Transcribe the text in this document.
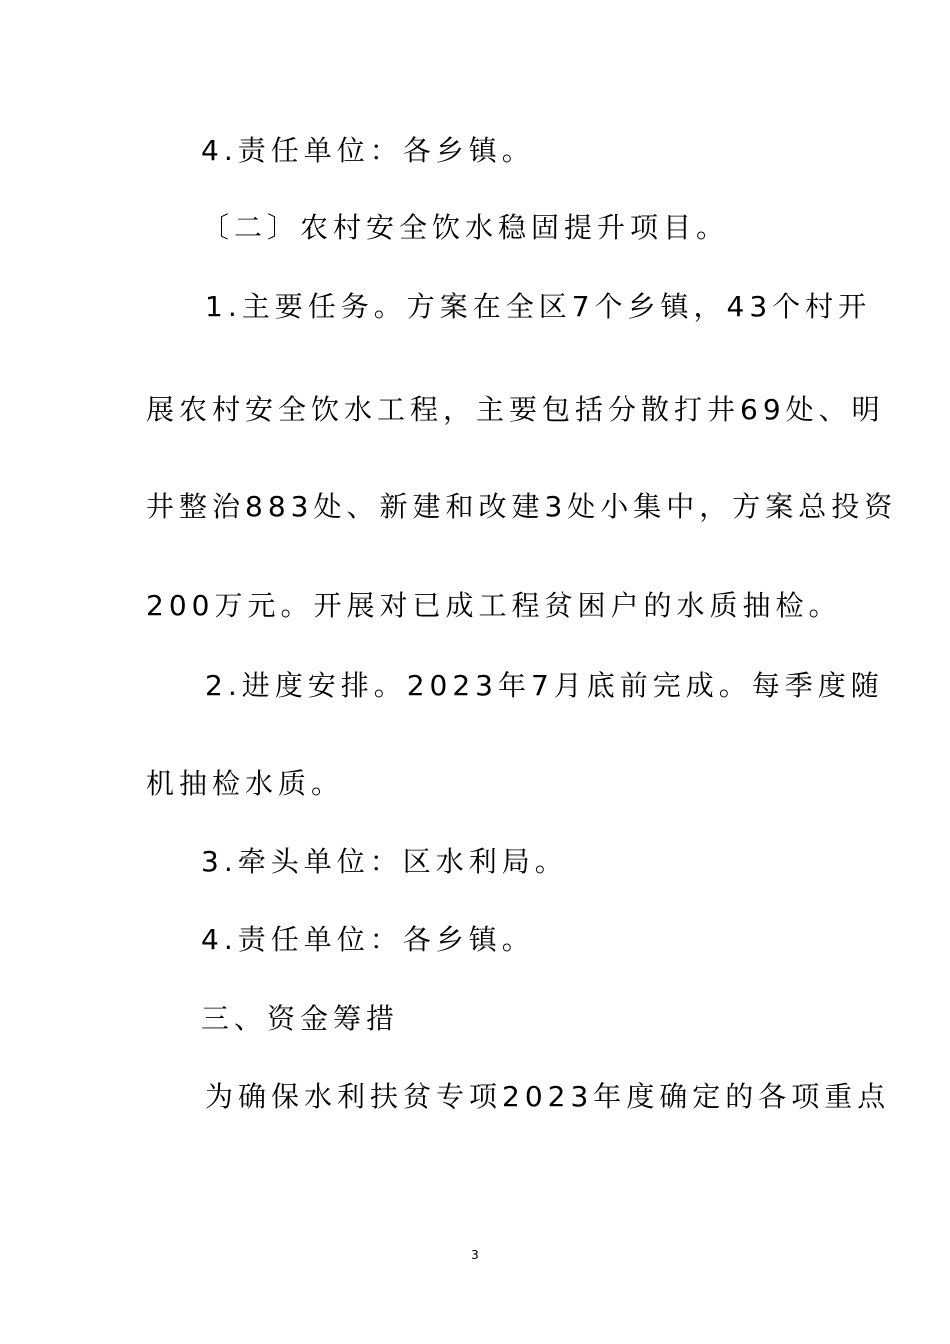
4.责任单位：各乡镇。

〔二〕农村安全饮水稳固提升项目。

1.主要任务。方案在全区7个乡镇，43个村开

展农村安全饮水工程，主要包括分散打井69处、明

井整治883处、新建和改建3处小集中，方案总投资

200万元。开展对已成工程贫困户的水质抽检。

2.进度安排。2023年7月底前完成。每季度随

机抽检水质。

3.牵头单位：区水利局。

4.责任单位：各乡镇。

三、资金筹措

为确保水利扶贫专项2023年度确定的各项重点

3
